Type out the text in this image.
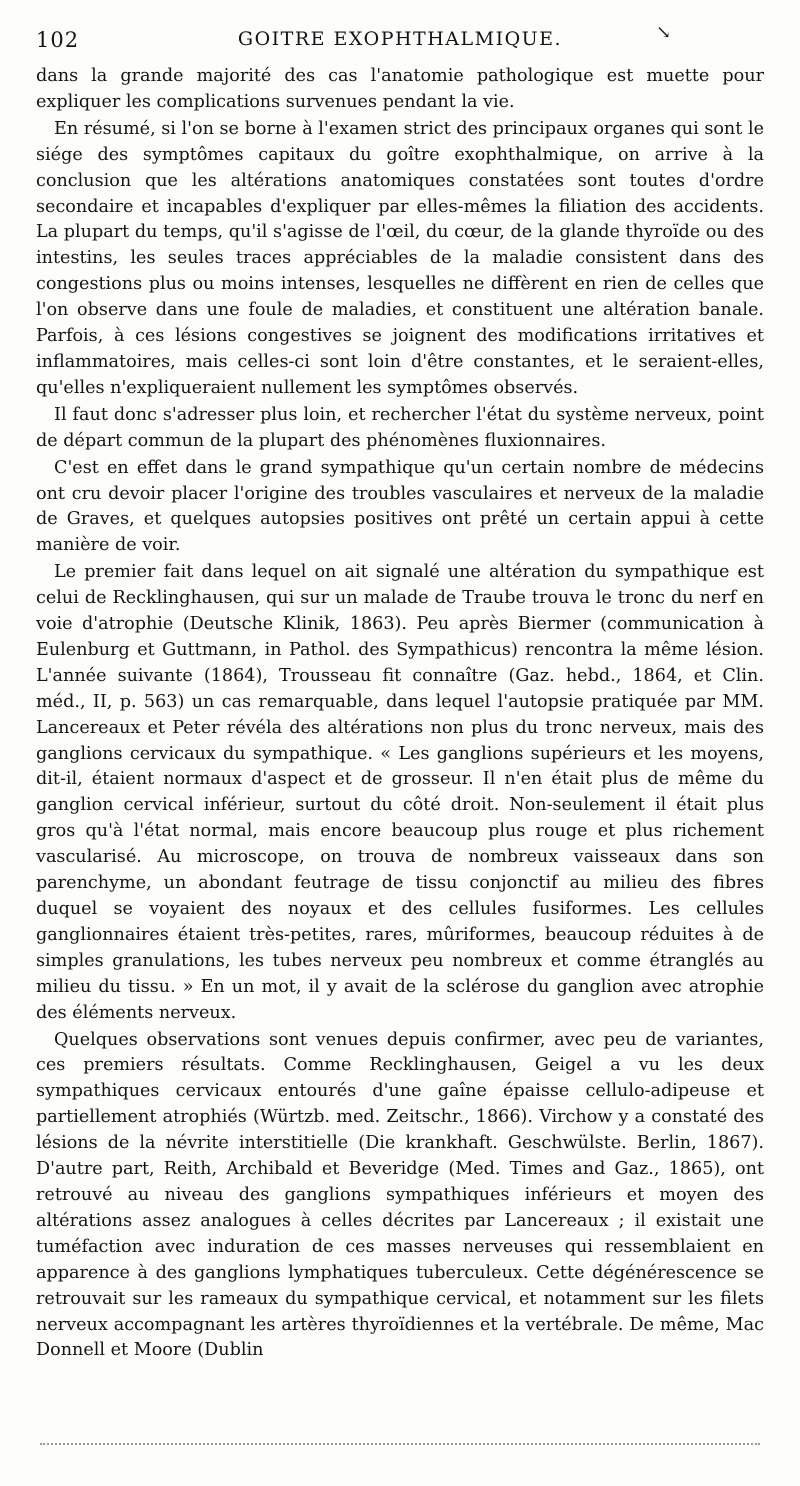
102	GOITRE EXOPHTHALMIQUE.	↘

dans la grande majorité des cas l'anatomie pathologique est muette pour expliquer les complications survenues pendant la vie.

En résumé, si l'on se borne à l'examen strict des principaux organes qui sont le siége des symptômes capitaux du goître exophthalmique, on arrive à la conclusion que les altérations anatomiques constatées sont toutes d'ordre secondaire et incapables d'expliquer par elles-mêmes la filiation des accidents. La plupart du temps, qu'il s'agisse de l'œil, du cœur, de la glande thyroïde ou des intestins, les seules traces appréciables de la maladie consistent dans des congestions plus ou moins intenses, lesquelles ne diffèrent en rien de celles que l'on observe dans une foule de maladies, et constituent une altération banale. Parfois, à ces lésions congestives se joignent des modifications irritatives et inflammatoires, mais celles-ci sont loin d'être constantes, et le seraient-elles, qu'elles n'expliqueraient nullement les symptômes observés.

Il faut donc s'adresser plus loin, et rechercher l'état du système nerveux, point de départ commun de la plupart des phénomènes fluxionnaires.

C'est en effet dans le grand sympathique qu'un certain nombre de médecins ont cru devoir placer l'origine des troubles vasculaires et nerveux de la maladie de Graves, et quelques autopsies positives ont prêté un certain appui à cette manière de voir.

Le premier fait dans lequel on ait signalé une altération du sympathique est celui de Recklinghausen, qui sur un malade de Traube trouva le tronc du nerf en voie d'atrophie (Deutsche Klinik, 1863). Peu après Biermer (communication à Eulenburg et Guttmann, in Pathol. des Sympathicus) rencontra la même lésion. L'année suivante (1864), Trousseau fit connaître (Gaz. hebd., 1864, et Clin. méd., II, p. 563) un cas remarquable, dans lequel l'autopsie pratiquée par MM. Lancereaux et Peter révéla des altérations non plus du tronc nerveux, mais des ganglions cervicaux du sympathique. « Les ganglions supérieurs et les moyens, dit-il, étaient normaux d'aspect et de grosseur. Il n'en était plus de même du ganglion cervical inférieur, surtout du côté droit. Non-seulement il était plus gros qu'à l'état normal, mais encore beaucoup plus rouge et plus richement vascularisé. Au microscope, on trouva de nombreux vaisseaux dans son parenchyme, un abondant feutrage de tissu conjonctif au milieu des fibres duquel se voyaient des noyaux et des cellules fusiformes. Les cellules ganglionnaires étaient très-petites, rares, mûriformes, beaucoup réduites à de simples granulations, les tubes nerveux peu nombreux et comme étranglés au milieu du tissu. » En un mot, il y avait de la sclérose du ganglion avec atrophie des éléments nerveux.

Quelques observations sont venues depuis confirmer, avec peu de variantes, ces premiers résultats. Comme Recklinghausen, Geigel a vu les deux sympathiques cervicaux entourés d'une gaîne épaisse cellulo-adipeuse et partiellement atrophiés (Würtzb. med. Zeitschr., 1866). Virchow y a constaté des lésions de la névrite interstitielle (Die krankhaft. Geschwülste. Berlin, 1867). D'autre part, Reith, Archibald et Beveridge (Med. Times and Gaz., 1865), ont retrouvé au niveau des ganglions sympathiques inférieurs et moyen des altérations assez analogues à celles décrites par Lancereaux ; il existait une tuméfaction avec induration de ces masses nerveuses qui ressemblaient en apparence à des ganglions lymphatiques tuberculeux. Cette dégénérescence se retrouvait sur les rameaux du sympathique cervical, et notamment sur les filets nerveux accompagnant les artères thyroïdiennes et la vertébrale. De même, Mac Donnell et Moore (Dublin
